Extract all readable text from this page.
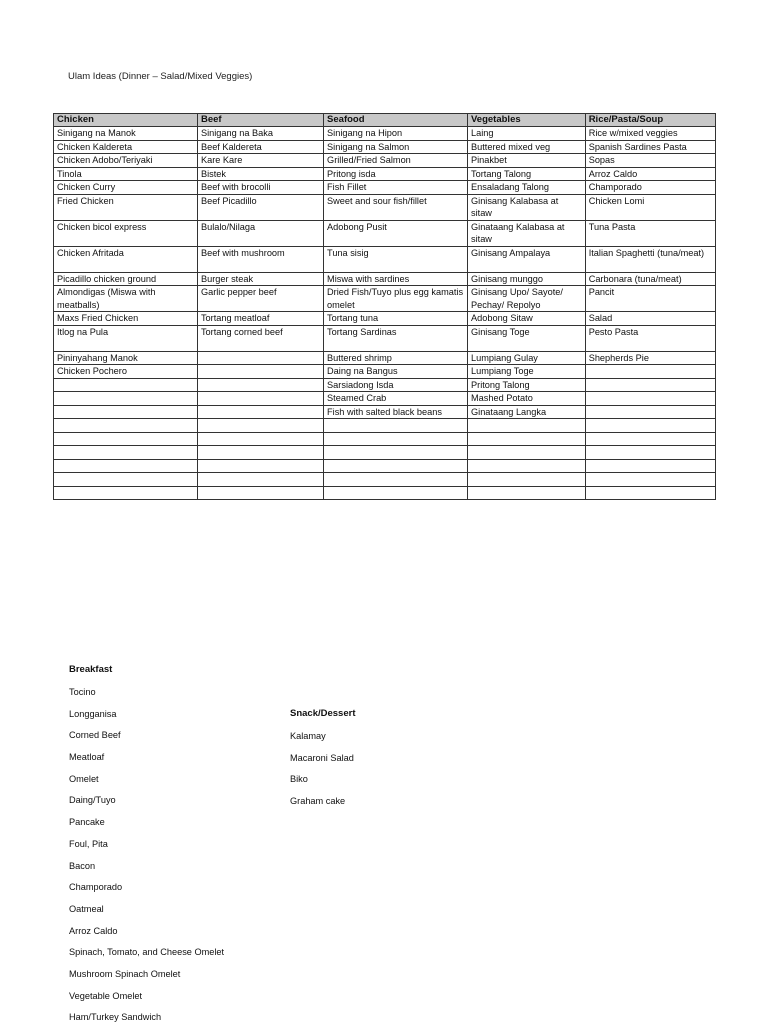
Ulam Ideas (Dinner – Salad/Mixed Veggies)
Chicken	Beef	Seafood	Vegetables	Rice/Pasta/Soup
Sinigang na Manok	Sinigang na Baka	Sinigang na Hipon	Laing	Rice w/mixed veggies
Chicken Kaldereta	Beef Kaldereta	Sinigang na Salmon	Buttered mixed veg	Spanish Sardines Pasta
Chicken Adobo/Teriyaki	Kare Kare	Grilled/Fried Salmon	Pinakbet	Sopas
Tinola	Bistek	Pritong isda	Tortang Talong	Arroz Caldo
Chicken Curry	Beef with brocolli	Fish Fillet	Ensaladang Talong	Champorado
Fried Chicken	Beef Picadillo	Sweet and sour fish/fillet	Ginisang Kalabasa at sitaw	Chicken Lomi
Chicken bicol express	Bulalo/Nilaga	Adobong Pusit	Ginataang Kalabasa at sitaw	Tuna Pasta
Chicken Afritada	Beef with mushroom	Tuna sisig	Ginisang Ampalaya	Italian Spaghetti (tuna/meat)
Picadillo chicken ground	Burger steak	Miswa with sardines	Ginisang munggo	Carbonara (tuna/meat)
Almondigas (Miswa with meatballs)	Garlic pepper beef	Dried Fish/Tuyo plus egg kamatis omelet	Ginisang Upo/ Sayote/ Pechay/ Repolyo	Pancit
Maxs Fried Chicken	Tortang meatloaf	Tortang tuna	Adobong Sitaw	Salad
Itlog na Pula	Tortang corned beef	Tortang Sardinas	Ginisang Toge	Pesto Pasta
Pininyahang Manok		Buttered shrimp	Lumpiang Gulay	Shepherds Pie
Chicken Pochero		Daing na Bangus	Lumpiang Toge	
		Sarsiadong Isda	Pritong Talong	
		Steamed Crab	Mashed Potato	
		Fish with salted black beans	Ginataang Langka	

Breakfast
Tocino
Longganisa
Corned Beef
Meatloaf
Omelet
Daing/Tuyo
Pancake
Foul, Pita
Bacon
Champorado
Oatmeal
Arroz Caldo
Spinach, Tomato, and Cheese Omelet
Mushroom Spinach Omelet
Vegetable Omelet
Ham/Turkey Sandwich
Snack/Dessert
Kalamay
Macaroni Salad
Biko
Graham cake
